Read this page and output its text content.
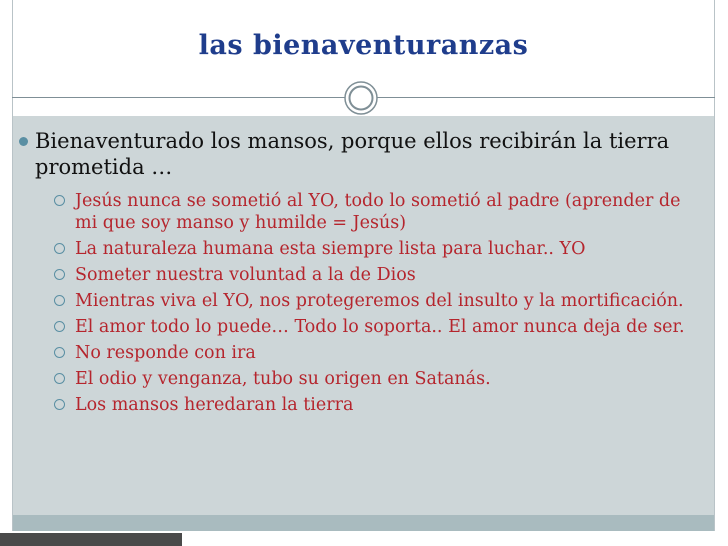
las bienaventuranzas
Bienaventurado los mansos, porque ellos recibirán la tierra prometida …
Jesús nunca se sometió al YO, todo lo sometió al padre (aprender de mi que soy manso y humilde = Jesús)
La naturaleza humana esta siempre lista para luchar.. YO
Someter nuestra voluntad a la de Dios
Mientras viva el YO, nos protegeremos del insulto y la mortificación.
El amor todo lo puede… Todo lo soporta.. El amor nunca deja de ser.
No responde con ira
El odio y venganza, tubo su origen en Satanás.
Los mansos heredaran la tierra
